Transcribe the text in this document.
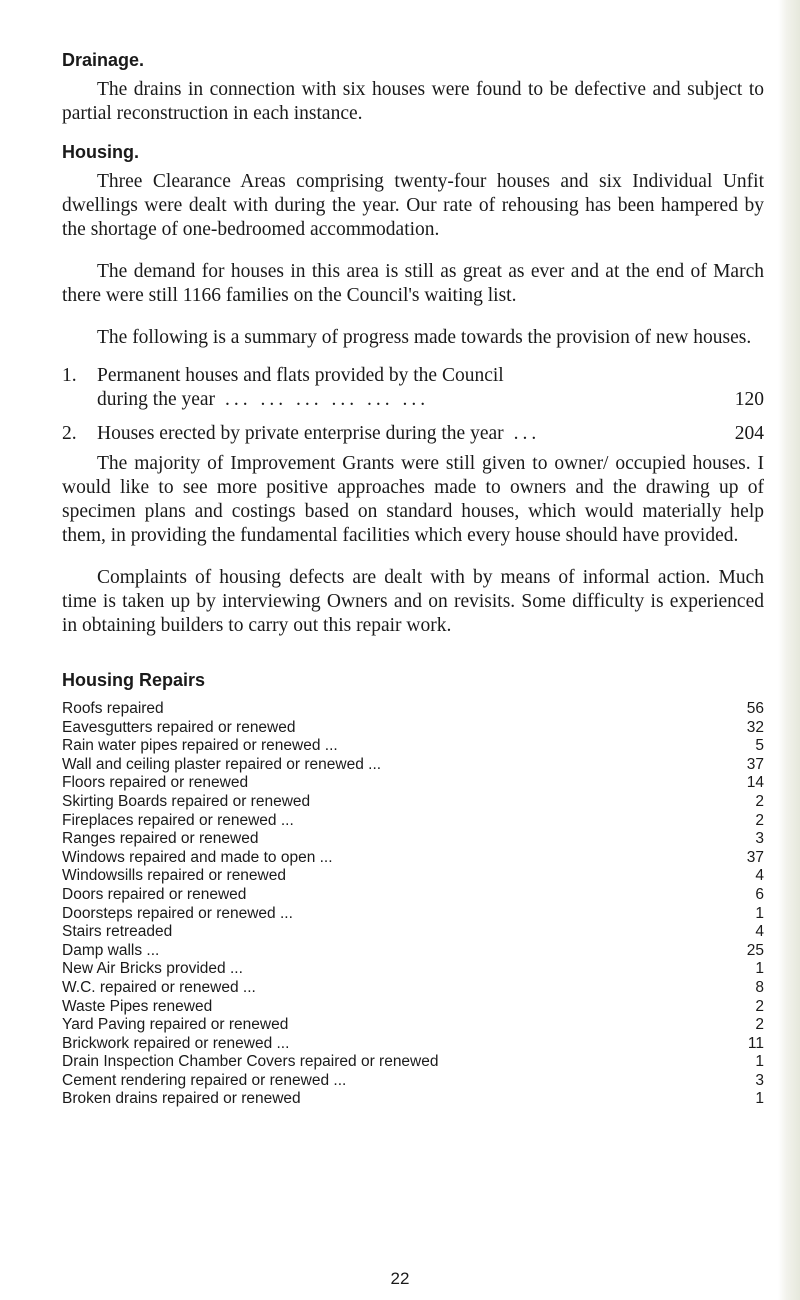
Drainage.

The drains in connection with six houses were found to be defective and subject to partial reconstruction in each instance.

Housing.

Three Clearance Areas comprising twenty-four houses and six Individual Unfit dwellings were dealt with during the year. Our rate of rehousing has been hampered by the shortage of one-bedroomed accommodation.

The demand for houses in this area is still as great as ever and at the end of March there were still 1166 families on the Council's waiting list.

The following is a summary of progress made towards the provision of new houses.

1.	Permanent houses and flats provided by the Council
during the year ... ... ... ... ... ...	120
2.	Houses erected by private enterprise during the year ...	204

The majority of Improvement Grants were still given to owner/ occupied houses. I would like to see more positive approaches made to owners and the drawing up of specimen plans and costings based on standard houses, which would materially help them, in providing the fundamental facilities which every house should have provided.

Complaints of housing defects are dealt with by means of informal action. Much time is taken up by interviewing Owners and on revisits. Some difficulty is experienced in obtaining builders to carry out this repair work.

Housing Repairs
Roofs repaired	56
Eavesgutters repaired or renewed	32
Rain water pipes repaired or renewed ...	5
Wall and ceiling plaster repaired or renewed ...	37
Floors repaired or renewed	14
Skirting Boards repaired or renewed	2
Fireplaces repaired or renewed ...	2
Ranges repaired or renewed	3
Windows repaired and made to open ...	37
Windowsills repaired or renewed	4
Doors repaired or renewed	6
Doorsteps repaired or renewed ...	1
Stairs retreaded	4
Damp walls ...	25
New Air Bricks provided ...	1
W.C. repaired or renewed ...	8
Waste Pipes renewed	2
Yard Paving repaired or renewed	2
Brickwork repaired or renewed ...	11
Drain Inspection Chamber Covers repaired or renewed	1
Cement rendering repaired or renewed ...	3
Broken drains repaired or renewed	1
22
